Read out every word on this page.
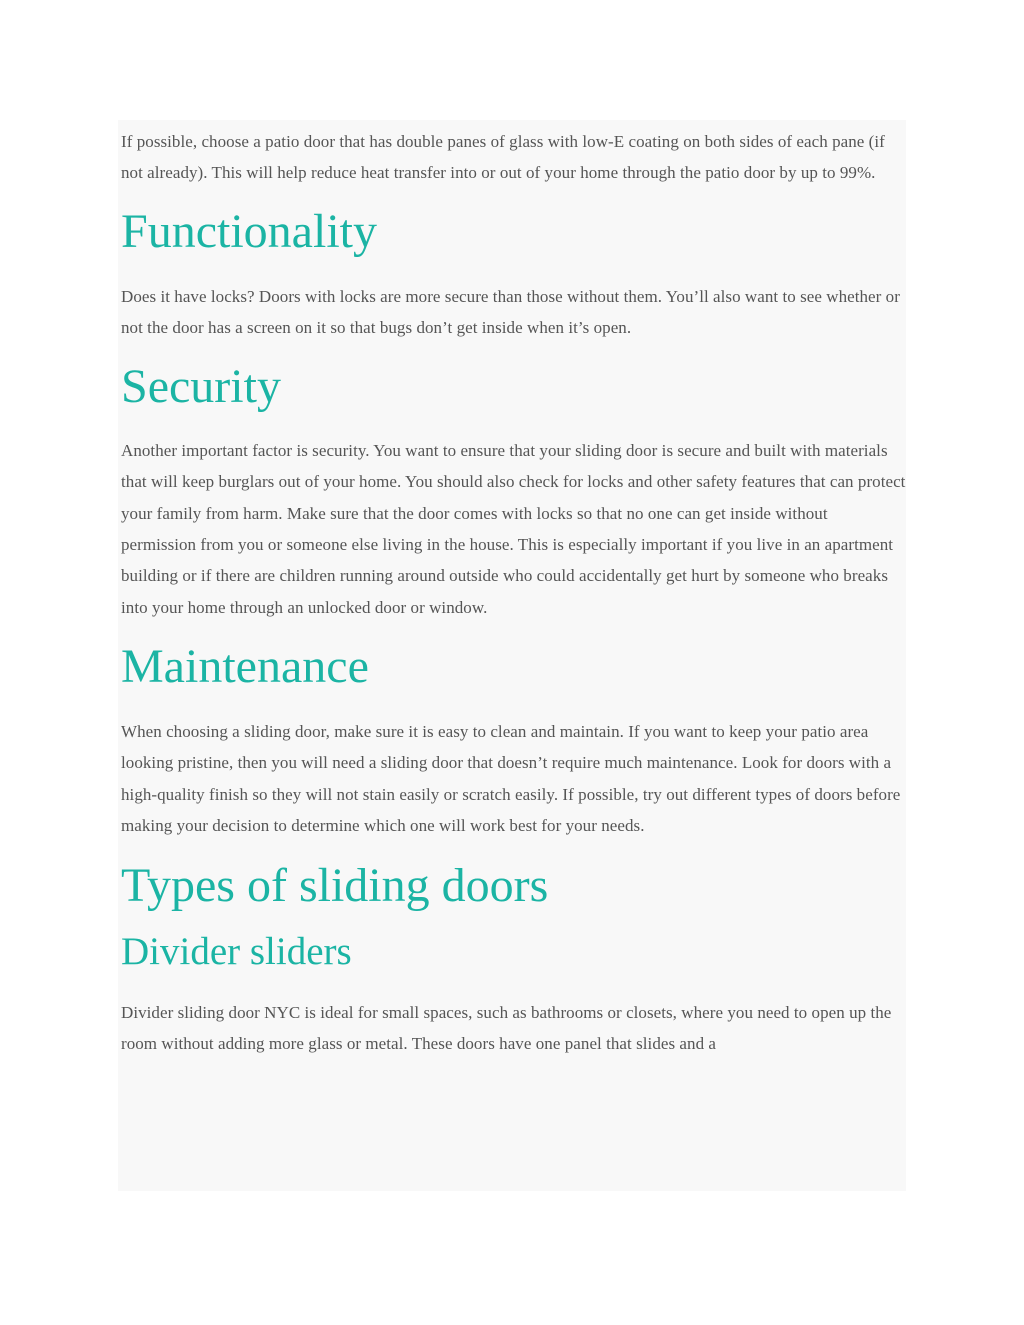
If possible, choose a patio door that has double panes of glass with low-E coating on both sides of each pane (if not already). This will help reduce heat transfer into or out of your home through the patio door by up to 99%.

Functionality

Does it have locks? Doors with locks are more secure than those without them. You’ll also want to see whether or not the door has a screen on it so that bugs don’t get inside when it’s open.

Security

Another important factor is security. You want to ensure that your sliding door is secure and built with materials that will keep burglars out of your home. You should also check for locks and other safety features that can protect your family from harm. Make sure that the door comes with locks so that no one can get inside without permission from you or someone else living in the house. This is especially important if you live in an apartment building or if there are children running around outside who could accidentally get hurt by someone who breaks into your home through an unlocked door or window.

Maintenance

When choosing a sliding door, make sure it is easy to clean and maintain. If you want to keep your patio area looking pristine, then you will need a sliding door that doesn’t require much maintenance. Look for doors with a high-quality finish so they will not stain easily or scratch easily. If possible, try out different types of doors before making your decision to determine which one will work best for your needs.

Types of sliding doors
Divider sliders

Divider sliding door NYC is ideal for small spaces, such as bathrooms or closets, where you need to open up the room without adding more glass or metal. These doors have one panel that slides and a
